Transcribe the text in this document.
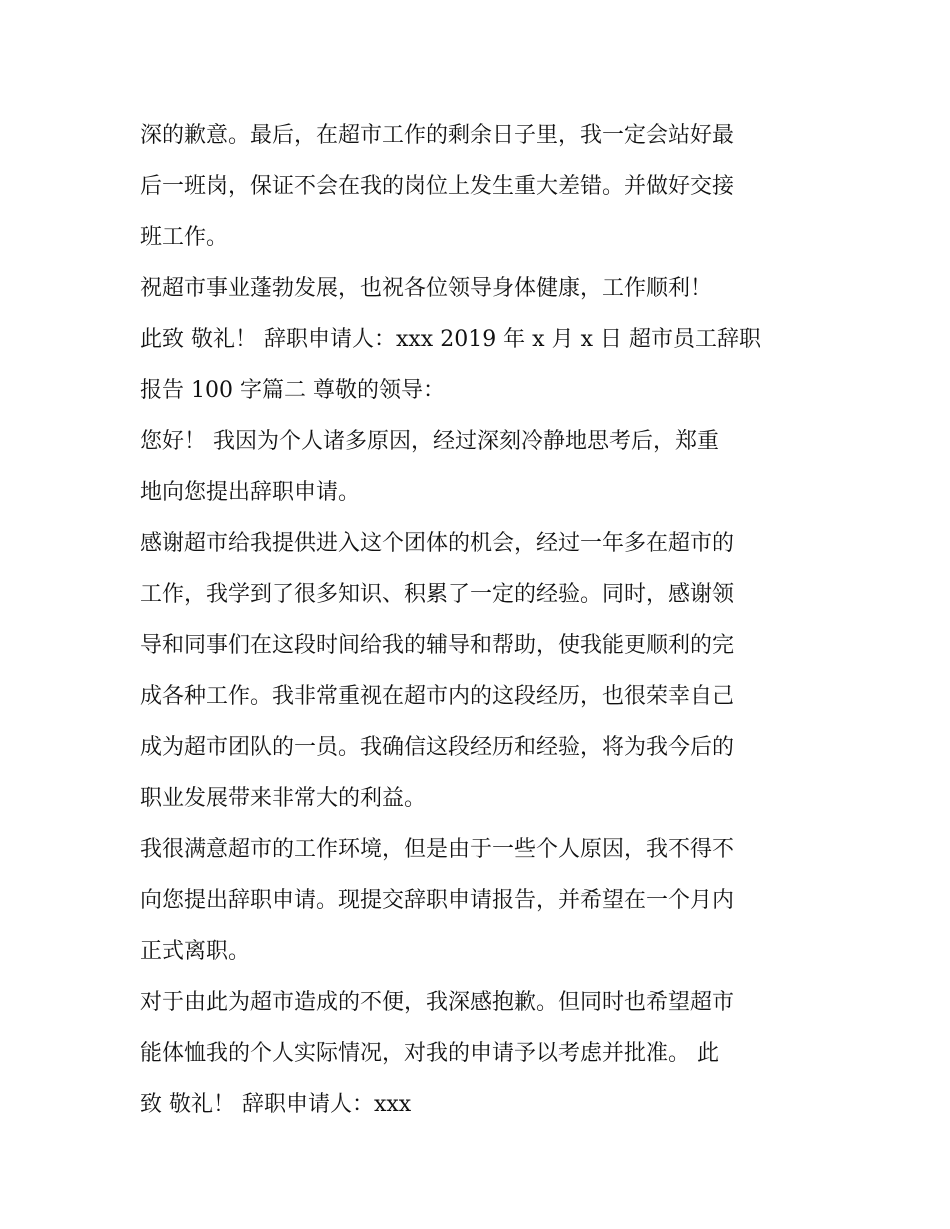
深的歉意。最后，在超市工作的剩余日子里，我一定会站好最
后一班岗，保证不会在我的岗位上发生重大差错。并做好交接
班工作。
祝超市事业蓬勃发展，也祝各位领导身体健康，工作顺利！
此致 敬礼！ 辞职申请人：xxx 2019 年 x 月 x 日 超市员工辞职
报告 100 字篇二 尊敬的领导：
您好！ 我因为个人诸多原因，经过深刻冷静地思考后，郑重
地向您提出辞职申请。
感谢超市给我提供进入这个团体的机会，经过一年多在超市的
工作，我学到了很多知识、积累了一定的经验。同时，感谢领
导和同事们在这段时间给我的辅导和帮助，使我能更顺利的完
成各种工作。我非常重视在超市内的这段经历，也很荣幸自己
成为超市团队的一员。我确信这段经历和经验，将为我今后的
职业发展带来非常大的利益。
我很满意超市的工作环境，但是由于一些个人原因，我不得不
向您提出辞职申请。现提交辞职申请报告，并希望在一个月内
正式离职。
对于由此为超市造成的不便，我深感抱歉。但同时也希望超市
能体恤我的个人实际情况，对我的申请予以考虑并批准。 此
致 敬礼！ 辞职申请人：xxx
